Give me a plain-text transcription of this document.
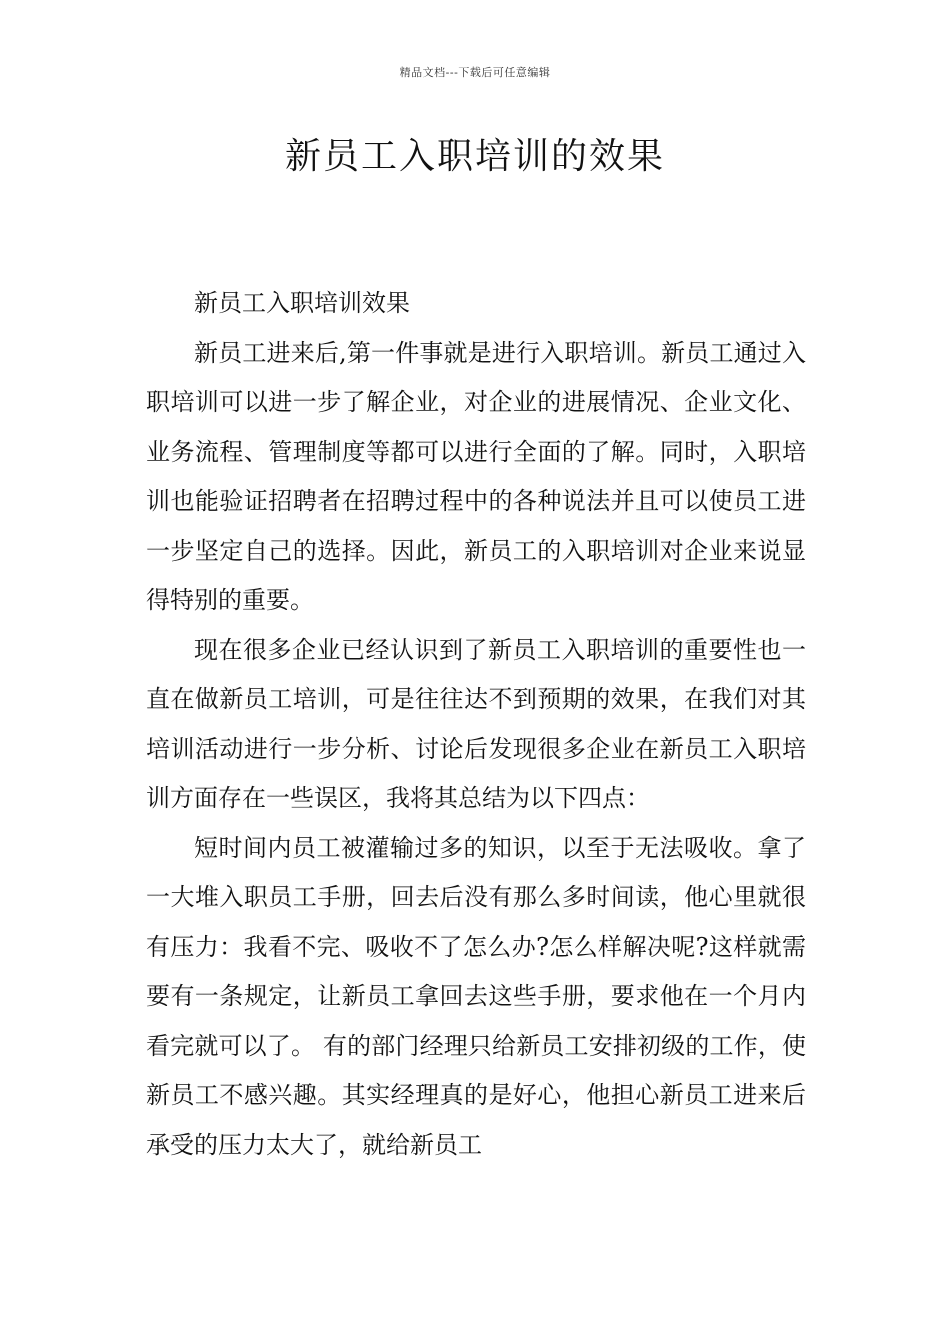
精品文档---下载后可任意编辑
新员工入职培训的效果

新员工入职培训效果

新员工进来后,第一件事就是进行入职培训。新员工通过入职培训可以进一步了解企业，对企业的进展情况、企业文化、业务流程、管理制度等都可以进行全面的了解。同时，入职培训也能验证招聘者在招聘过程中的各种说法并且可以使员工进一步坚定自己的选择。因此，新员工的入职培训对企业来说显得特别的重要。

现在很多企业已经认识到了新员工入职培训的重要性也一直在做新员工培训，可是往往达不到预期的效果，在我们对其培训活动进行一步分析、讨论后发现很多企业在新员工入职培训方面存在一些误区，我将其总结为以下四点：

短时间内员工被灌输过多的知识，以至于无法吸收。拿了一大堆入职员工手册，回去后没有那么多时间读，他心里就很有压力：我看不完、吸收不了怎么办?怎么样解决呢?这样就需要有一条规定，让新员工拿回去这些手册，要求他在一个月内看完就可以了。 有的部门经理只给新员工安排初级的工作，使新员工不感兴趣。其实经理真的是好心，他担心新员工进来后承受的压力太大了，就给新员工
